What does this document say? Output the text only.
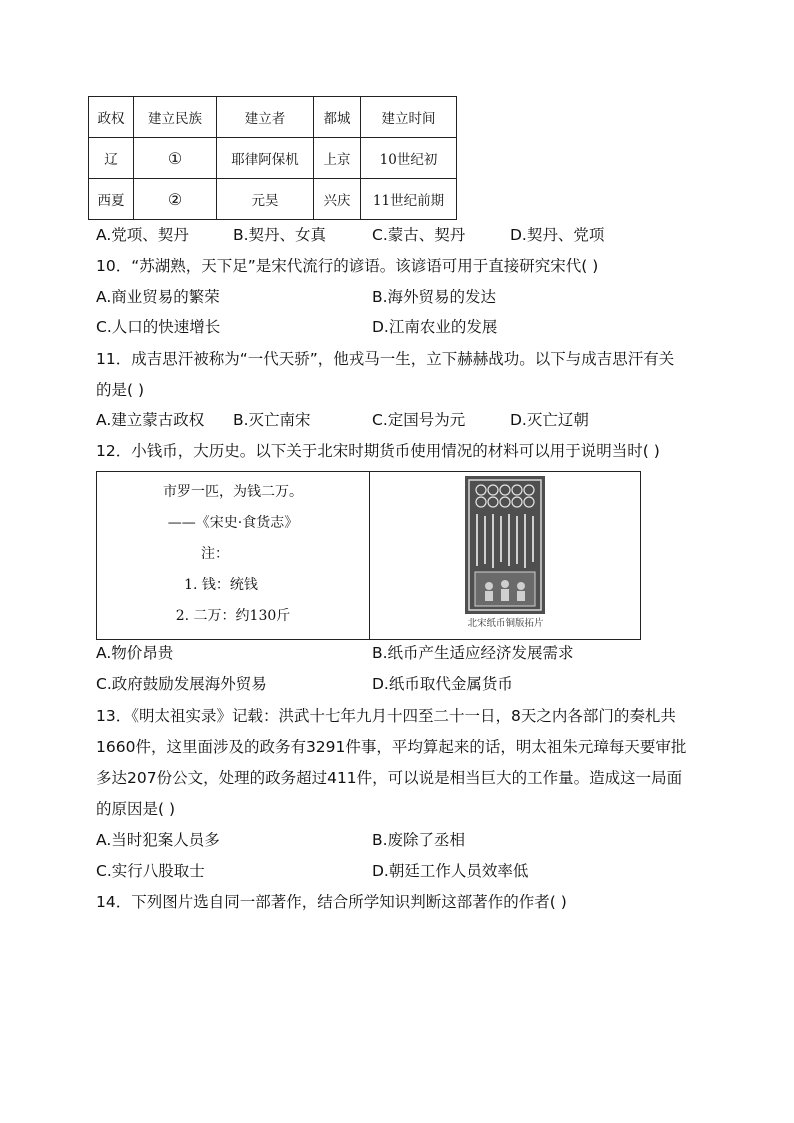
政权	建立民族	建立者	都城	建立时间
辽	①	耶律阿保机	上京	10世纪初
西夏	②	元昊	兴庆	11世纪前期
A.党项、契丹	B.契丹、女真	C.蒙古、契丹	D.契丹、党项
10．“苏湖熟，天下足”是宋代流行的谚语。该谚语可用于直接研究宋代( )
A.商业贸易的繁荣	B.海外贸易的发达
C.人口的快速增长	D.江南农业的发展
11．成吉思汗被称为“一代天骄”，他戎马一生，立下赫赫战功。以下与成吉思汗有关
的是( )
A.建立蒙古政权 B.灭亡南宋	C.定国号为元	D.灭亡辽朝
12．小钱币，大历史。以下关于北宋时期货币使用情况的材料可以用于说明当时( )
市罗一匹，为钱二万。
——《宋史·食货志》
注：
1. 钱：统钱
2. 二万：约130斤	北宋纸币铜版拓片
A.物价昂贵	B.纸币产生适应经济发展需求
C.政府鼓励发展海外贸易	D.纸币取代金属货币
13．《明太祖实录》记载：洪武十七年九月十四至二十一日，8天之内各部门的奏札共
1660件，这里面涉及的政务有3291件事，平均算起来的话，明太祖朱元璋每天要审批
多达207份公文，处理的政务超过411件，可以说是相当巨大的工作量。造成这一局面
的原因是( )
A.当时犯案人员多	B.废除了丞相
C.实行八股取士	D.朝廷工作人员效率低
14．下列图片选自同一部著作，结合所学知识判断这部著作的作者( )
